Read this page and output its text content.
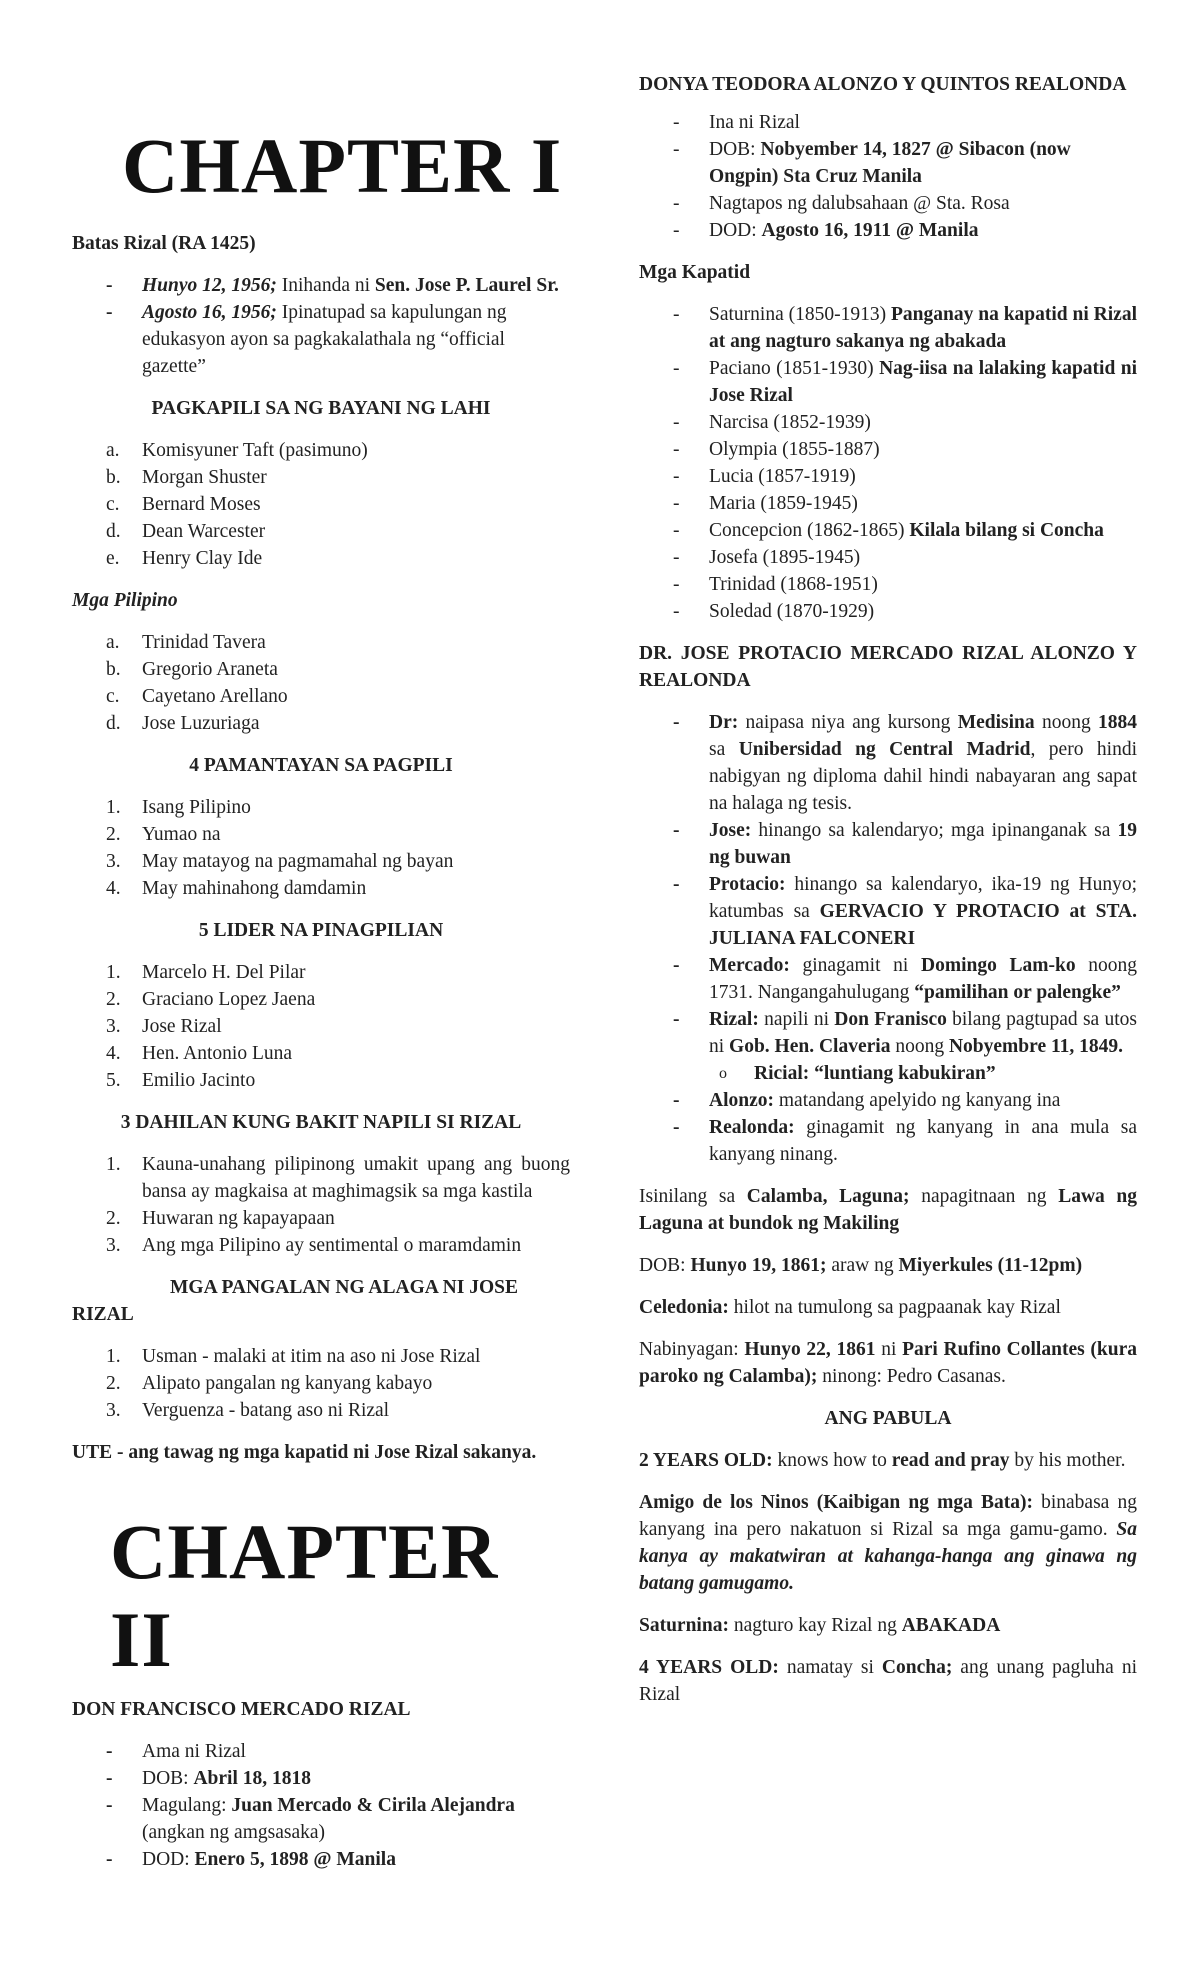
CHAPTER I

Batas Rizal (RA 1425)

- Hunyo 12, 1956; Inihanda ni Sen. Jose P. Laurel Sr.
- Agosto 16, 1956; Ipinatupad sa kapulungan ng edukasyon ayon sa pagkakalathala ng “official gazette”

PAGKAPILI SA NG BAYANI NG LAHI

a. Komisyuner Taft (pasimuno)
b. Morgan Shuster
c. Bernard Moses
d. Dean Warcester
e. Henry Clay Ide

Mga Pilipino

a. Trinidad Tavera
b. Gregorio Araneta
c. Cayetano Arellano
d. Jose Luzuriaga

4 PAMANTAYAN SA PAGPILI

1. Isang Pilipino
2. Yumao na
3. May matayog na pagmamahal ng bayan
4. May mahinahong damdamin

5 LIDER NA PINAGPILIAN

1. Marcelo H. Del Pilar
2. Graciano Lopez Jaena
3. Jose Rizal
4. Hen. Antonio Luna
5. Emilio Jacinto

3 DAHILAN KUNG BAKIT NAPILI SI RIZAL

1. Kauna-unahang pilipinong umakit upang ang buong bansa ay magkaisa at maghimagsik sa mga kastila
2. Huwaran ng kapayapaan
3. Ang mga Pilipino ay sentimental o maramdamin

MGA PANGALAN NG ALAGA NI JOSE
RIZAL

1. Usman - malaki at itim na aso ni Jose Rizal
2. Alipato pangalan ng kanyang kabayo
3. Verguenza - batang aso ni Rizal

UTE - ang tawag ng mga kapatid ni Jose Rizal sakanya.

CHAPTER II

DON FRANCISCO MERCADO RIZAL

- Ama ni Rizal
- DOB: Abril 18, 1818
- Magulang: Juan Mercado & Cirila Alejandra (angkan ng amgsasaka)
- DOD: Enero 5, 1898 @ Manila

DONYA TEODORA ALONZO Y QUINTOS REALONDA

- Ina ni Rizal
- DOB: Nobyember 14, 1827 @ Sibacon (now Ongpin) Sta Cruz Manila
- Nagtapos ng dalubsahaan @ Sta. Rosa
- DOD: Agosto 16, 1911 @ Manila

Mga Kapatid

- Saturnina (1850-1913) Panganay na kapatid ni Rizal at ang nagturo sakanya ng abakada
- Paciano (1851-1930) Nag-iisa na lalaking kapatid ni Jose Rizal
- Narcisa (1852-1939)
- Olympia (1855-1887)
- Lucia (1857-1919)
- Maria (1859-1945)
- Concepcion (1862-1865) Kilala bilang si Concha
- Josefa (1895-1945)
- Trinidad (1868-1951)
- Soledad (1870-1929)

DR. JOSE PROTACIO MERCADO RIZAL ALONZO Y REALONDA

- Dr: naipasa niya ang kursong Medisina noong 1884 sa Unibersidad ng Central Madrid, pero hindi nabigyan ng diploma dahil hindi nabayaran ang sapat na halaga ng tesis.
- Jose: hinango sa kalendaryo; mga ipinanganak sa 19 ng buwan
- Protacio: hinango sa kalendaryo, ika-19 ng Hunyo; katumbas sa GERVACIO Y PROTACIO at STA. JULIANA FALCONERI
- Mercado: ginagamit ni Domingo Lam-ko noong 1731. Nangangahulugang “pamilihan or palengke”
- Rizal: napili ni Don Franisco bilang pagtupad sa utos ni Gob. Hen. Claveria noong Nobyembre 11, 1849.
o Ricial: “luntiang kabukiran”
- Alonzo: matandang apelyido ng kanyang ina
- Realonda: ginagamit ng kanyang in ana mula sa kanyang ninang.

Isinilang sa Calamba, Laguna; napagitnaan ng Lawa ng Laguna at bundok ng Makiling

DOB: Hunyo 19, 1861; araw ng Miyerkules (11-12pm)

Celedonia: hilot na tumulong sa pagpaanak kay Rizal

Nabinyagan: Hunyo 22, 1861 ni Pari Rufino Collantes (kura paroko ng Calamba); ninong: Pedro Casanas.

ANG PABULA

2 YEARS OLD: knows how to read and pray by his mother.

Amigo de los Ninos (Kaibigan ng mga Bata): binabasa ng kanyang ina pero nakatuon si Rizal sa mga gamu-gamo. Sa kanya ay makatwiran at kahanga-hanga ang ginawa ng batang gamugamo.

Saturnina: nagturo kay Rizal ng ABAKADA

4 YEARS OLD: namatay si Concha; ang unang pagluha ni Rizal
